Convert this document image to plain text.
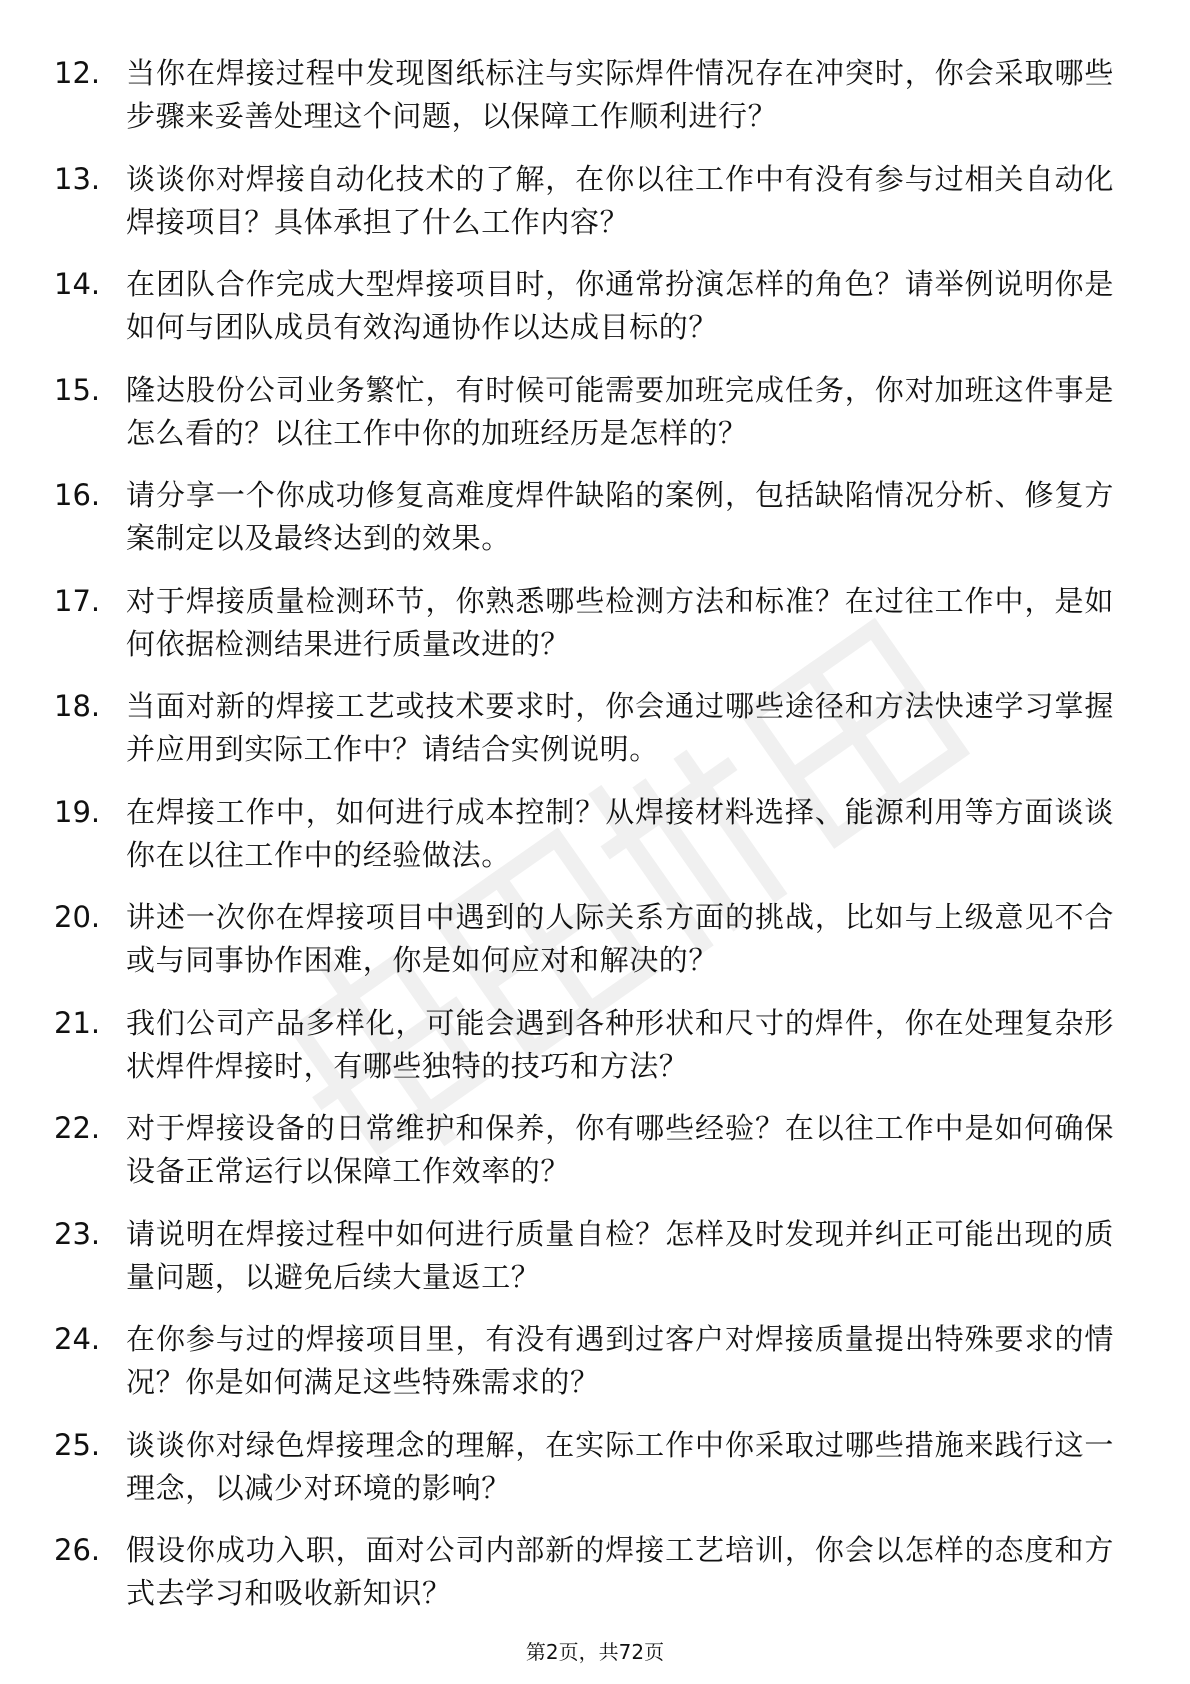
12. 当你在焊接过程中发现图纸标注与实际焊件情况存在冲突时，你会采取哪些步骤来妥善处理这个问题，以保障工作顺利进行？
13. 谈谈你对焊接自动化技术的了解，在你以往工作中有没有参与过相关自动化焊接项目？具体承担了什么工作内容？
14. 在团队合作完成大型焊接项目时，你通常扮演怎样的角色？请举例说明你是如何与团队成员有效沟通协作以达成目标的？
15. 隆达股份公司业务繁忙，有时候可能需要加班完成任务，你对加班这件事是怎么看的？以往工作中你的加班经历是怎样的？
16. 请分享一个你成功修复高难度焊件缺陷的案例，包括缺陷情况分析、修复方案制定以及最终达到的效果。
17. 对于焊接质量检测环节，你熟悉哪些检测方法和标准？在过往工作中，是如何依据检测结果进行质量改进的？
18. 当面对新的焊接工艺或技术要求时，你会通过哪些途径和方法快速学习掌握并应用到实际工作中？请结合实例说明。
19. 在焊接工作中，如何进行成本控制？从焊接材料选择、能源利用等方面谈谈你在以往工作中的经验做法。
20. 讲述一次你在焊接项目中遇到的人际关系方面的挑战，比如与上级意见不合或与同事协作困难，你是如何应对和解决的？
21. 我们公司产品多样化，可能会遇到各种形状和尺寸的焊件，你在处理复杂形状焊件焊接时，有哪些独特的技巧和方法？
22. 对于焊接设备的日常维护和保养，你有哪些经验？在以往工作中是如何确保设备正常运行以保障工作效率的？
23. 请说明在焊接过程中如何进行质量自检？怎样及时发现并纠正可能出现的质量问题，以避免后续大量返工？
24. 在你参与过的焊接项目里，有没有遇到过客户对焊接质量提出特殊要求的情况？你是如何满足这些特殊需求的？
25. 谈谈你对绿色焊接理念的理解，在实际工作中你采取过哪些措施来践行这一理念，以减少对环境的影响？
26. 假设你成功入职，面对公司内部新的焊接工艺培训，你会以怎样的态度和方式去学习和吸收新知识？
第2页，共72页
